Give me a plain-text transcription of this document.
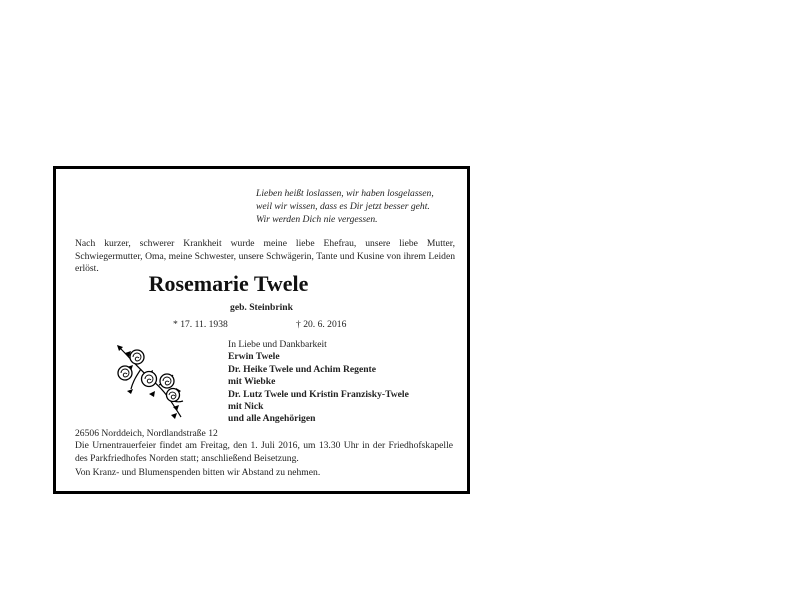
Lieben heißt loslassen, wir haben losgelassen,
weil wir wissen, dass es Dir jetzt besser geht.
Wir werden Dich nie vergessen.
Nach kurzer, schwerer Krankheit wurde meine liebe Ehefrau, unsere liebe Mutter, Schwiegermutter, Oma, meine Schwester, unsere Schwägerin, Tante und Kusine von ihrem Leiden erlöst.
Rosemarie Twele
geb. Steinbrink
* 17. 11. 1938	† 20. 6. 2016
In Liebe und Dankbarkeit
Erwin Twele
Dr. Heike Twele und Achim Regente
mit Wiebke
Dr. Lutz Twele und Kristin Franzisky-Twele
mit Nick
und alle Angehörigen
26506 Norddeich, Nordlandstraße 12
Die Urnentrauerfeier findet am Freitag, den 1. Juli 2016, um 13.30 Uhr in der Friedhofskapelle des Parkfriedhofes Norden statt; anschließend Beisetzung.
Von Kranz- und Blumenspenden bitten wir Abstand zu nehmen.
